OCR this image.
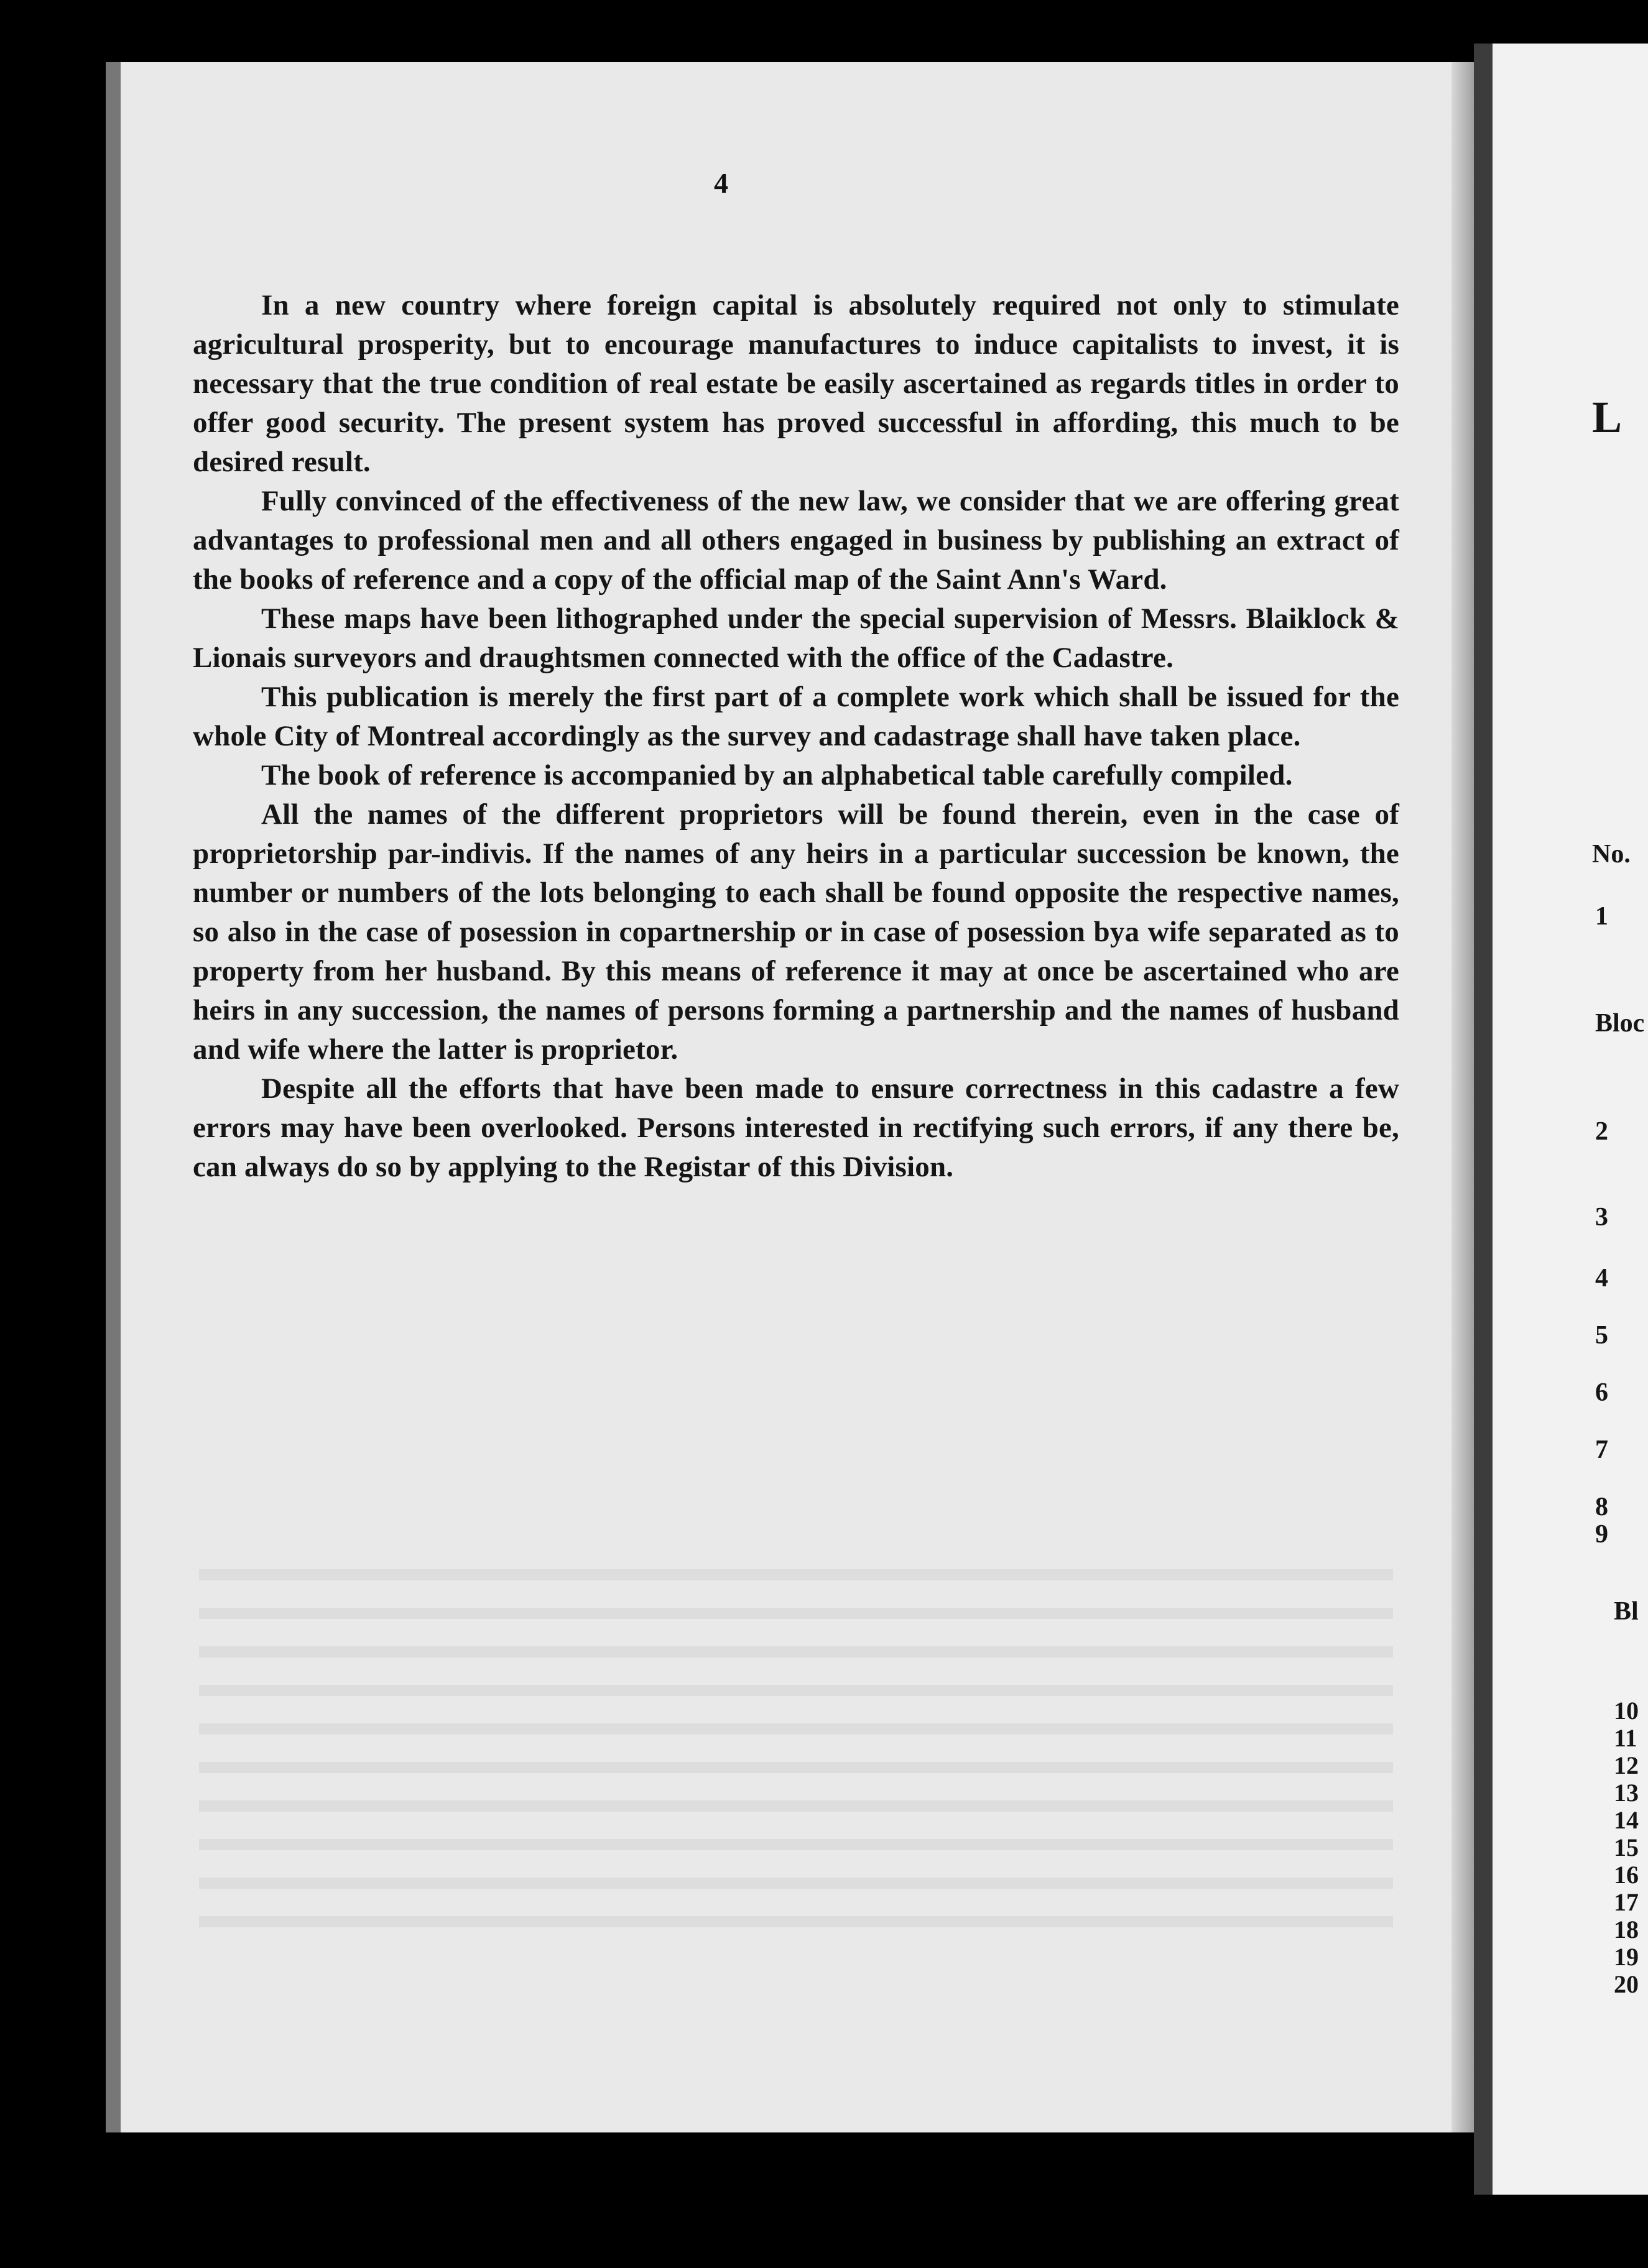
4

In a new country where foreign capital is absolutely required not only to stimulate agricultural prosperity, but to encourage manufactures to induce capitalists to invest, it is necessary that the true condition of real estate be easily ascertained as regards titles in order to offer good security. The present system has proved successful in affording, this much to be desired result.

Fully convinced of the effectiveness of the new law, we consider that we are offering great advantages to professional men and all others engaged in business by publishing an extract of the books of reference and a copy of the official map of the Saint Ann's Ward.

These maps have been lithographed under the special supervision of Messrs. Blaiklock & Lionais surveyors and draughtsmen connected with the office of the Cadastre.

This publication is merely the first part of a complete work which shall be issued for the whole City of Montreal accordingly as the survey and cadastrage shall have taken place.

The book of reference is accompanied by an alphabetical table carefully compiled.

All the names of the different proprietors will be found therein, even in the case of proprietorship par-indivis. If the names of any heirs in a particular succession be known, the number or numbers of the lots belonging to each shall be found opposite the respective names, so also in the case of posession in copartnership or in case of posession bya wife separated as to property from her husband. By this means of reference it may at once be ascertained who are heirs in any succession, the names of persons forming a partnership and the names of husband and wife where the latter is proprietor.

Despite all the efforts that have been made to ensure correctness in this cadastre a few errors may have been overlooked. Persons interested in rectifying such errors, if any there be, can always do so by applying to the Registar of this Division.

L
No.
1
Bloc
2
3
4
5
6
7
8
9
Bl
10
11
12
13
14
15
16
17
18
19
20
